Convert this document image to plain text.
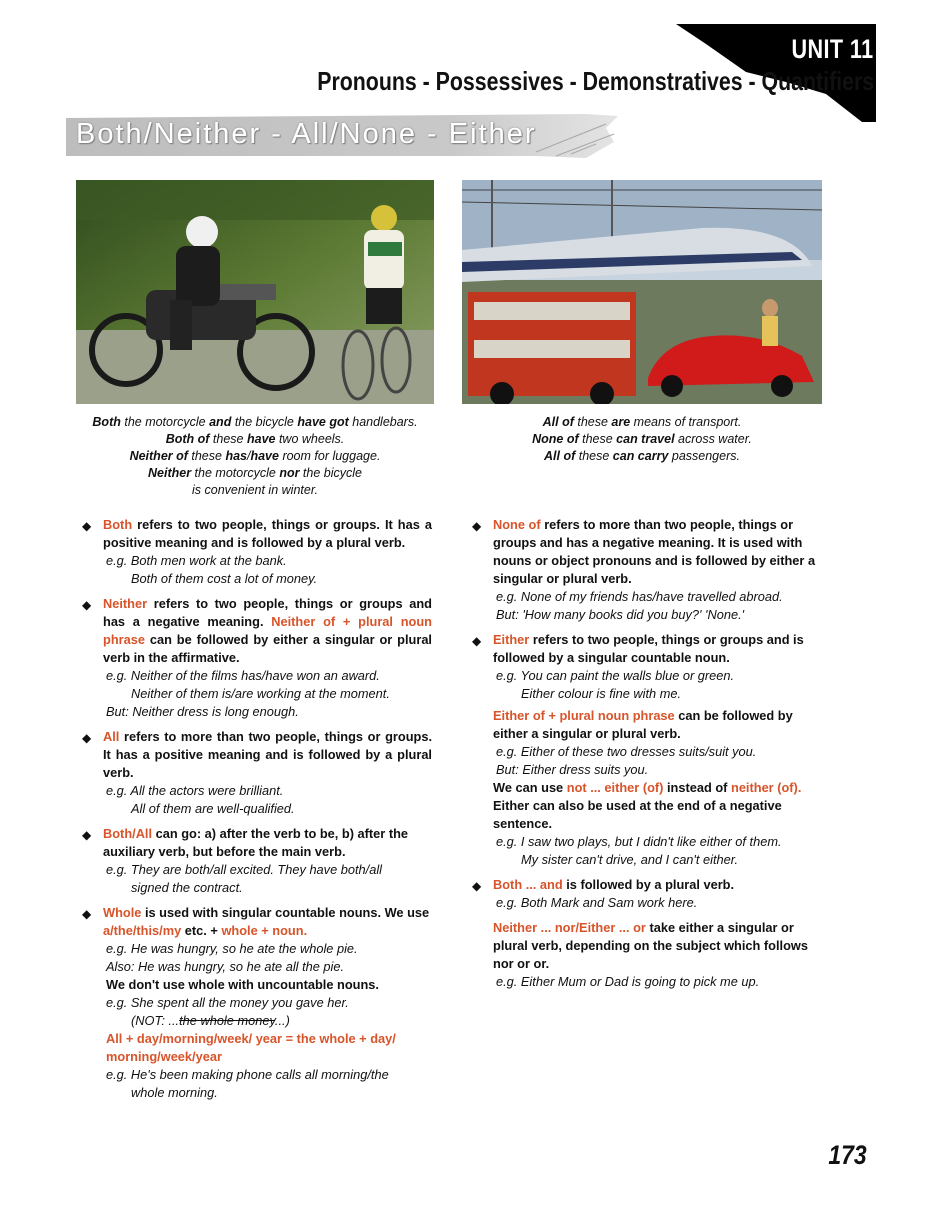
UNIT 11
Pronouns - Possessives - Demonstratives - Quantifiers
Both/Neither - All/None - Either

Both the motorcycle and the bicycle have got handlebars.

Both of these have two wheels.

Neither of these has/have room for luggage.

Neither the motorcycle nor the bicycle

is convenient in winter.

All of these are means of transport.

None of these can travel across water.

All of these can carry passengers.

◆ Both refers to two people, things or groups. It has a positive meaning and is followed by a plural verb.

e.g. Both men work at the bank.

Both of them cost a lot of money.

◆ Neither refers to two people, things or groups and has a negative meaning. Neither of + plural noun phrase can be followed by either a singular or plural verb in the affirmative.

e.g. Neither of the films has/have won an award.

Neither of them is/are working at the moment.

But: Neither dress is long enough.

◆ All refers to more than two people, things or groups. It has a positive meaning and is followed by a plural verb.

e.g. All the actors were brilliant.

All of them are well-qualified.

◆ Both/All can go: a) after the verb to be, b) after the auxiliary verb, but before the main verb.

e.g. They are both/all excited. They have both/all

signed the contract.

◆ Whole is used with singular countable nouns. We use a/the/this/my etc. + whole + noun.

e.g. He was hungry, so he ate the whole pie.

Also: He was hungry, so he ate all the pie.

We don't use whole with uncountable nouns.

e.g. She spent all the money you gave her.

(NOT: ...the whole money...)

All + day/morning/week/ year = the whole + day/ morning/week/year

e.g. He's been making phone calls all morning/the

whole morning.

◆ None of refers to more than two people, things or groups and has a negative meaning. It is used with nouns or object pronouns and is followed by either a singular or plural verb.

e.g. None of my friends has/have travelled abroad.

But: 'How many books did you buy?' 'None.'

◆ Either refers to two people, things or groups and is followed by a singular countable noun.

e.g. You can paint the walls blue or green.

Either colour is fine with me.

Either of + plural noun phrase can be followed by either a singular or plural verb.

e.g. Either of these two dresses suits/suit you.

But: Either dress suits you.

We can use not ... either (of) instead of neither (of).

Either can also be used at the end of a negative sentence.

e.g. I saw two plays, but I didn't like either of them.

My sister can't drive, and I can't either.

◆ Both ... and is followed by a plural verb.

e.g. Both Mark and Sam work here.

Neither ... nor/Either ... or take either a singular or plural verb, depending on the subject which follows nor or or.

e.g. Either Mum or Dad is going to pick me up.

173
